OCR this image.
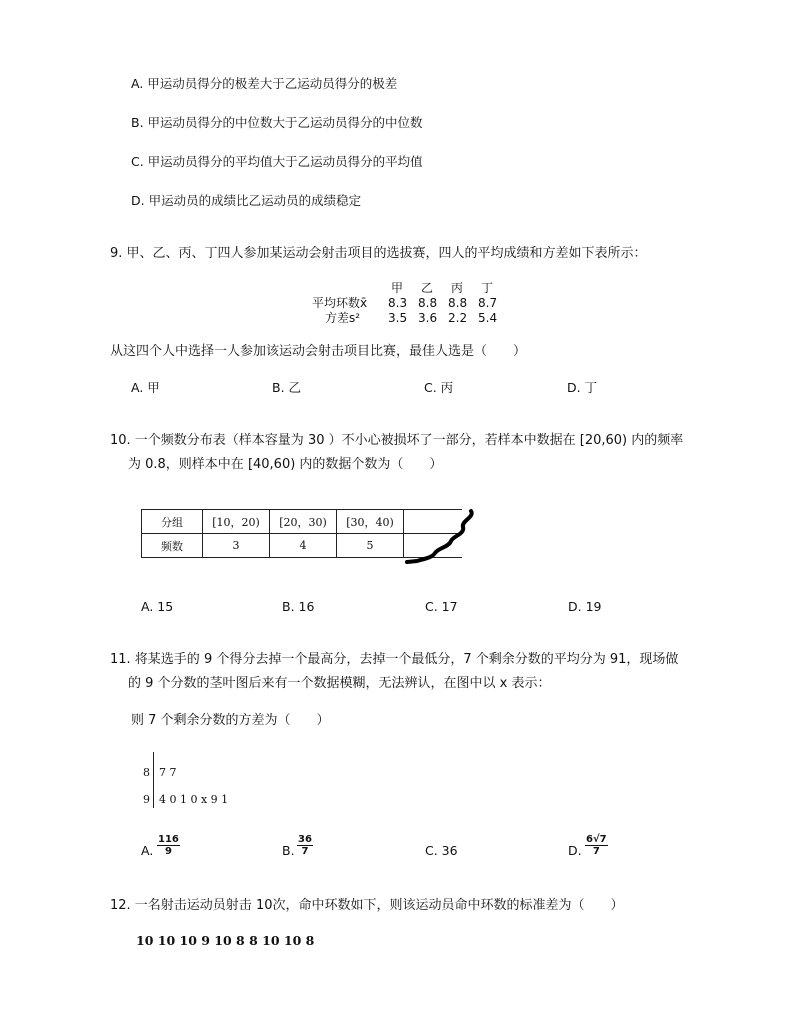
A. 甲运动员得分的极差大于乙运动员得分的极差
B. 甲运动员得分的中位数大于乙运动员得分的中位数
C. 甲运动员得分的平均值大于乙运动员得分的平均值
D. 甲运动员的成绩比乙运动员的成绩稳定
9. 甲、乙、丙、丁四人参加某运动会射击项目的选拔赛，四人的平均成绩和方差如下表所示：
甲 乙 丙 丁
平均环数x̄ 8.3 8.8 8.8 8.7
方差s² 3.5 3.6 2.2 5.4
从这四个人中选择一人参加该运动会射击项目比赛，最佳人选是（　　）
A. 甲	B. 乙	C. 丙	D. 丁
10. 一个频数分布表（样本容量为 30 ）不小心被损坏了一部分，若样本中数据在 [20,60) 内的频率
为 0.8，则样本中在 [40,60) 内的数据个数为（　　）
分组	[10，20)	[20，30)	[30，40)	
频数	3	4	5	
A. 15	B. 16	C. 17	D. 19
11. 将某选手的 9 个得分去掉一个最高分，去掉一个最低分，7 个剩余分数的平均分为 91，现场做
的 9 个分数的茎叶图后来有一个数据模糊，无法辨认，在图中以 x 表示：
则 7 个剩余分数的方差为（　　）
8 7 7
9 4 0 1 0 x 9 1
A. $\frac{116}{9}$	B. $\frac{36}{7}$	C. 36	D. $\frac{6√7}{7}$
12. 一名射击运动员射击 10次，命中环数如下，则该运动员命中环数的标准差为（　　）
10 10 10 9 10 8 8 10 10 8
